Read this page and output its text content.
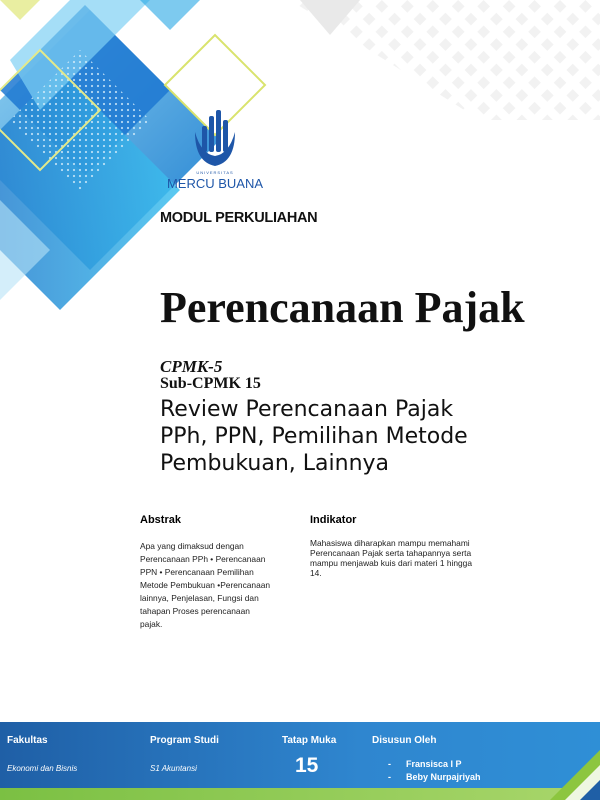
UNIVERSITAS
MERCU BUANA
MODUL PERKULIAHAN
Perencanaan Pajak
CPMK-5
Sub-CPMK 15
Review Perencanaan Pajak
PPh, PPN, Pemilihan Metode
Pembukuan, Lainnya
Abstrak
Apa yang dimaksud dengan
Perencanaan PPh • Perencanaan
PPN • Perencanaan Pemilihan
Metode Pembukuan •Perencanaan
lainnya, Penjelasan, Fungsi dan
tahapan Proses perencanaan
pajak.
Indikator
Mahasiswa diharapkan mampu memahami
Perencanaan Pajak serta tahapannya serta
mampu menjawab kuis dari materi 1 hingga
14.
Fakultas
Ekonomi dan Bisnis
Program Studi
S1 Akuntansi
Tatap Muka
15
Disusun Oleh
- Fransisca I P
- Beby Nurpajriyah
